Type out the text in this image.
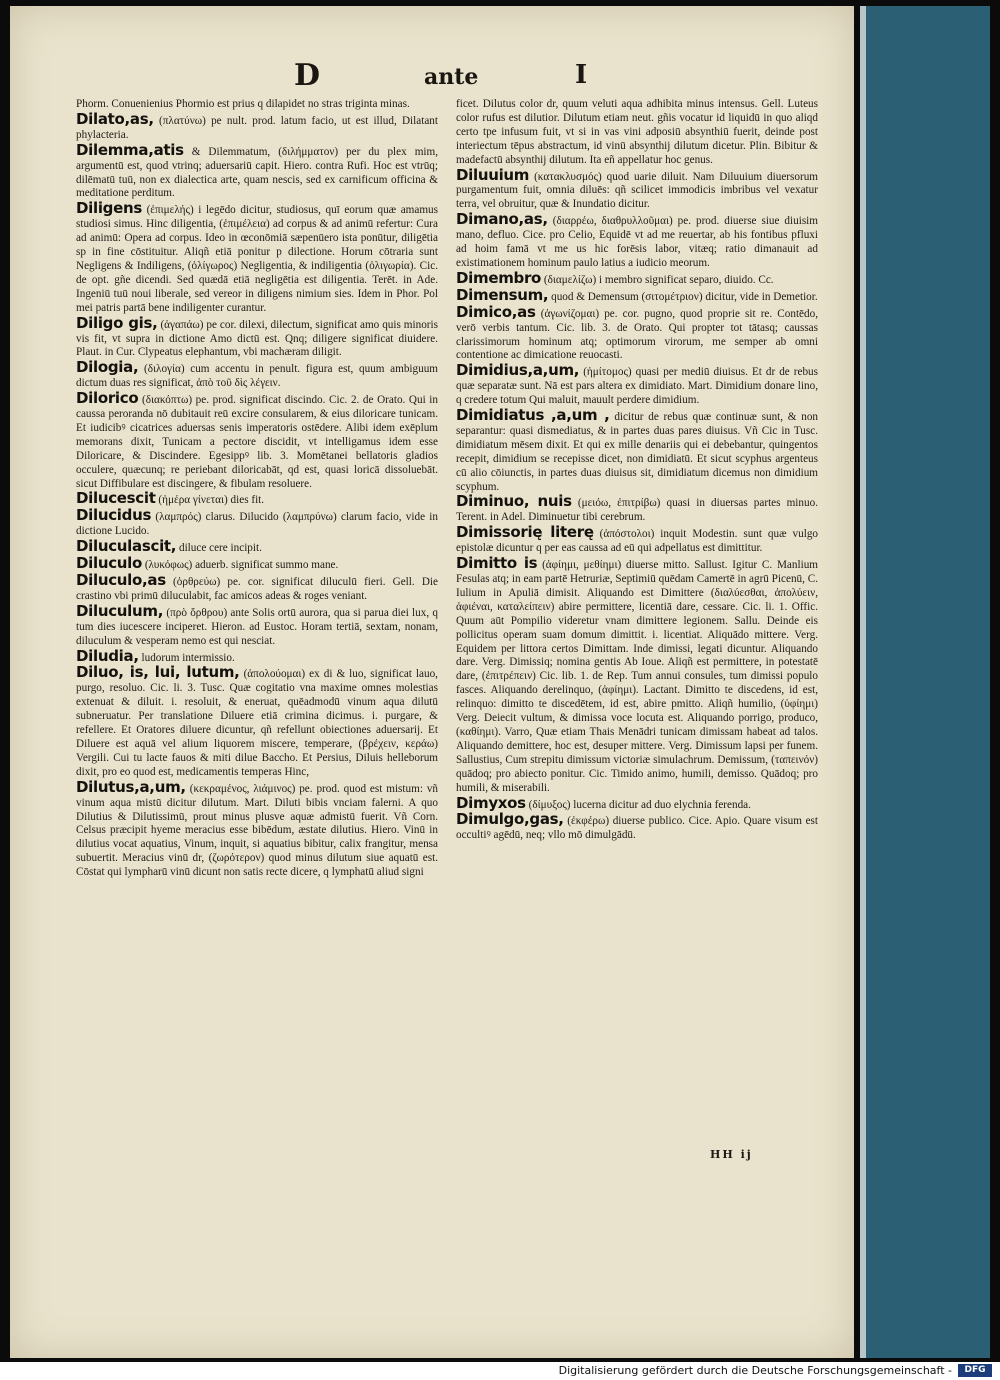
D	ante	I

Phorm. Conuenienius Phormio est prius q dilapidet no stras triginta minas.

Dilato,as, (πλατύνω) pe nult. prod. latum facio, ut est illud, Dilatant phylacteria.

Dilemma,atis & Dilemmatum, (διλήμματον) per du plex mim, argumentū est, quod vtrinq; aduersariū capit. Hiero. contra Rufi. Hoc est vtrūq; dilēmatū tuū, non ex dialectica arte, quam nescis, sed ex carnificum officina & meditatione perditum.

Diligens (ἐπιμελής) i legēdo dicitur, studiosus, quī eorum quæ amamus studiosi simus. Hinc diligentia, (ἐπιμέλεια) ad corpus & ad animū refertur: Cura ad animū: Opera ad corpus. Ideo in œconōmiā sæpenūero ista ponūtur, diligētia sp in fine cōstituitur. Aliqñ etiā ponitur p dilectione. Horum cōtraria sunt Negligens & Indiligens, (ὀλίγωρος) Negligentia, & indiligentia (ὀλιγωρία). Cic. de opt. gñe dicendi. Sed quædā etiā negligētia est diligentia. Terēt. in Ade. Ingeniū tuū noui liberale, sed vereor in diligens nimium sies. Idem in Phor. Pol mei patris partā bene indiligenter curantur.

Diligo gis, (ἀγαπάω) pe cor. dilexi, dilectum, significat amo quis minoris vis fit, vt supra in dictione Amo dictū est. Qnq; diligere significat diuidere. Plaut. in Cur. Clypeatus elephantum, vbi machæram diligit.

Dilogia, (διλογία) cum accentu in penult. figura est, quum ambiguum dictum duas res significat, ἀπὸ τοῦ δὶς λέγειν.

Dilorico (διακόπτω) pe. prod. significat discindo. Cic. 2. de Orato. Qui in caussa peroranda nō dubitauit reū excire consularem, & eius diloricare tunicam. Et iudicibꝰ cicatrices aduersas senis imperatoris ostēdere. Alibi idem exēplum memorans dixit, Tunicam a pectore discidit, vt intelligamus idem esse Diloricare, & Discindere. Egesippꝰ lib. 3. Momētanei bellatoris gladios occulere, quæcunq; re periebant diloricabāt, qd est, quasi loricā dissoluebāt. sicut Diffibulare est discingere, & fibulam resoluere.

Dilucescit (ἡμέρα γίνεται) dies fit.

Dilucidus (λαμπρός) clarus. Dilucido (λαμπρύνω) clarum facio, vide in dictione Lucido.

Diluculascit, diluce cere incipit.

Diluculo (λυκόφως) aduerb. significat summo mane.

Diluculo,as (ὀρθρεύω) pe. cor. significat diluculū fieri. Gell. Die crastino vbi primū diluculabit, fac amicos adeas & roges veniant.

Diluculum, (πρὸ ὄρθρου) ante Solis ortū aurora, qua si parua diei lux, q tum dies iucescere inciperet. Hieron. ad Eustoc. Horam tertiā, sextam, nonam, diluculum & vesperam nemo est qui nesciat.

Diludia, ludorum intermissio.

Diluo, is, lui, lutum, (ἀπολούομαι) ex di & luo, significat lauo, purgo, resoluo. Cic. li. 3. Tusc. Quæ cogitatio vna maxime omnes molestias extenuat & diluit. i. resoluit, & eneruat, quēadmodū vinum aqua dilutū subneruatur. Per translatione Diluere etiā crimina dicimus. i. purgare, & refellere. Et Oratores diluere dicuntur, qñ refellunt obiectiones aduersarij. Et Diluere est aquā vel alium liquorem miscere, temperare, (βρέχειν, κεράω) Vergili. Cui tu lacte fauos & miti dilue Baccho. Et Persius, Diluis helleborum dixit, pro eo quod est, medicamentis temperas Hinc,

Dilutus,a,um, (κεκραμένος, λιάμινος) pe. prod. quod est mistum: vñ vinum aqua mistū dicitur dilutum. Mart. Diluti bibis vnciam falerni. A quo Dilutius & Dilutissimū, prout minus plusve aquæ admistū fuerit. Vñ Corn. Celsus præcipit hyeme meracius esse bibēdum, æstate dilutius. Hiero. Vinū in dilutius vocat aquatius, Vinum, inquit, si aquatius bibitur, calix frangitur, mensa subuertit. Meracius vinū dr, (ζωρότερον) quod minus dilutum siue aquatū est. Cōstat qui lympharū vinū dicunt non satis recte dicere, q lymphatū aliud signi

ficet. Dilutus color dr, quum veluti aqua adhibita minus intensus. Gell. Luteus color rufus est dilutior. Dilutum etiam neut. gñis vocatur id liquidū in quo aliqd certo tpe infusum fuit, vt si in vas vini adposiū absynthiū fuerit, deinde post interiectum tēpus abstractum, id vinū absynthij dilutum dicetur. Plin. Bibitur & madefactū absynthij dilutum. Ita eñ appellatur hoc genus.

Diluuium (κατακλυσμός) quod uarie diluit. Nam Diluuium diuersorum purgamentum fuit, omnia diluēs: qñ scilicet immodicis imbribus vel vexatur terra, vel obruitur, quæ & Inundatio dicitur.

Dimano,as, (διαρρέω, διαθρυλλοῦμαι) pe. prod. diuerse siue diuisim mano, defluo. Cice. pro Celio, Equidē vt ad me reuertar, ab his fontibus pfluxi ad hoim famā vt me us hic forēsis labor, vitæq; ratio dimanauit ad existimationem hominum paulo latius a iudicio meorum.

Dimembro (διαμελίζω) i membro significat separo, diuido. Cc.

Dimensum, quod & Demensum (σιτομέτριον) dicitur, vide in Demetior.

Dimico,as (ἀγωνίζομαι) pe. cor. pugno, quod proprie sit re. Contēdo, verō verbis tantum. Cic. lib. 3. de Orato. Qui propter tot tātasq; caussas clarissimorum hominum atq; optimorum virorum, me semper ab omni contentione ac dimicatione reuocasti.

Dimidius,a,um, (ἡμίτομος) quasi per mediū diuisus. Et dr de rebus quæ separatæ sunt. Nā est pars altera ex dimidiato. Mart. Dimidium donare lino, q credere totum Qui maluit, mauult perdere dimidium.

Dimidiatus ,a,um , dicitur de rebus quæ continuæ sunt, & non separantur: quasi dismediatus, & in partes duas pares diuisus. Vñ Cic in Tusc. dimidiatum mēsem dixit. Et qui ex mille denariis qui ei debebantur, quingentos recepit, dimidium se recepisse dicet, non dimidiatū. Et sicut scyphus argenteus cū alio cōiunctis, in partes duas diuisus sit, dimidiatum dicemus non dimidium scyphum.

Diminuo, nuis (μειόω, ἐπιτρίβω) quasi in diuersas partes minuo. Terent. in Adel. Diminuetur tibi cerebrum.

Dimissorię literę (ἀπόστολοι) inquit Modestin. sunt quæ vulgo epistolæ dicuntur q per eas caussa ad eū qui adpellatus est dimittitur.

Dimitto is (ἀφίημι, μεθίημι) diuerse mitto. Sallust. Igitur C. Manlium Fesulas atq; in eam partē Hetruriæ, Septimiū quēdam Camertē in agrū Picenū, C. Iulium in Apuliā dimisit. Aliquando est Dimittere (διαλύεσθαι, ἀπολύειν, ἀφιέναι, καταλείπειν) abire permittere, licentiā dare, cessare. Cic. li. 1. Offic. Quum aūt Pompilio videretur vnam dimittere legionem. Sallu. Deinde eis pollicitus operam suam domum dimittit. i. licentiat. Aliquādo mittere. Verg. Equidem per littora certos Dimittam. Inde dimissi, legati dicuntur. Aliquando dare. Verg. Dimissiq; nomina gentis Ab Ioue. Aliqñ est permittere, in potestatē dare, (ἐπιτρέπειν) Cic. lib. 1. de Rep. Tum annui consules, tum dimissi populo fasces. Aliquando derelinquo, (ἀφίημι). Lactant. Dimitto te discedens, id est, relinquo: dimitto te discedētem, id est, abire pmitto. Aliqñ humilio, (ὑφίημι) Verg. Deiecit vultum, & dimissa voce locuta est. Aliquando porrigo, produco, (καθίημι). Varro, Quæ etiam Thais Menādri tunicam dimissam habeat ad talos. Aliquando demittere, hoc est, desuper mittere. Verg. Dimissum lapsi per funem. Sallustius, Cum strepitu dimissum victoriæ simulachrum. Demissum, (ταπεινόν) quādoq; pro abiecto ponitur. Cic. Timido animo, humili, demisso. Quādoq; pro humili, & miserabili.

Dimyxos (δίμυξος) lucerna dicitur ad duo elychnia ferenda.

Dimulgo,gas, (ἐκφέρω) diuerse publico. Cice. Apio. Quare visum est occultiꝰ agēdū, neq; vllo mō dimulgādū.

HH ij
Digitalisierung gefördert durch die Deutsche Forschungsgemeinschaft -	DFG
